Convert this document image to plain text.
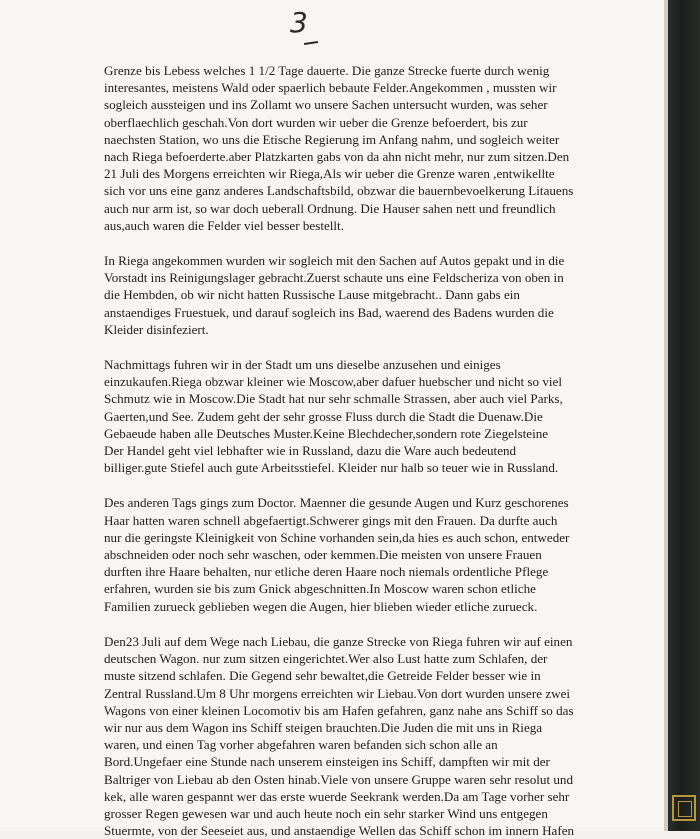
3

Grenze bis Lebess welches 1 1/2 Tage dauerte. Die ganze Strecke fuerte durch wenig
interesantes, meistens Wald oder spaerlich bebaute Felder.Angekommen , mussten wir
sogleich aussteigen und ins Zollamt wo unsere Sachen untersucht wurden, was seher
oberflaechlich geschah.Von dort wurden wir ueber die Grenze befoerdert, bis zur
naechsten Station, wo uns die Etische Regierung im Anfang nahm, und sogleich weiter
nach Riega befoerderte.aber Platzkarten gabs von da ahn nicht mehr, nur zum sitzen.Den
21 Juli des Morgens erreichten wir Riega,Als wir ueber die Grenze waren ,entwikellte
sich vor uns eine ganz anderes Landschaftsbild, obzwar die bauernbevoelkerung Litauens
auch nur arm ist, so war doch ueberall Ordnung. Die Hauser sahen nett und freundlich
aus,auch waren die Felder viel besser bestellt.

In Riega angekommen wurden wir sogleich mit den Sachen auf Autos gepakt und in die
Vorstadt ins Reinigungslager gebracht.Zuerst schaute uns eine Feldscheriza von oben in
die Hembden, ob wir nicht hatten Russische Lause mitgebracht.. Dann gabs ein
anstaendiges Fruestuek, und darauf sogleich ins Bad, waerend des Badens wurden die
Kleider disinfeziert.

Nachmittags fuhren wir in der Stadt um uns dieselbe anzusehen und einiges
einzukaufen.Riega obzwar kleiner wie Moscow,aber dafuer huebscher und nicht so viel
Schmutz wie in Moscow.Die Stadt hat nur sehr schmalle Strassen, aber auch viel Parks,
Gaerten,und See. Zudem geht der sehr grosse Fluss durch die Stadt die Duenaw.Die
Gebaeude haben alle Deutsches Muster.Keine Blechdecher,sondern rote Ziegelsteine
Der Handel geht viel lebhafter wie in Russland, dazu die Ware auch bedeutend
billiger.gute Stiefel auch gute Arbeitsstiefel. Kleider nur halb so teuer wie in Russland.

Des anderen Tags gings zum Doctor. Maenner die gesunde Augen und Kurz geschorenes
Haar hatten waren schnell abgefaertigt.Schwerer gings mit den Frauen. Da durfte auch
nur die geringste Kleinigkeit von Schine vorhanden sein,da hies es auch schon, entweder
abschneiden oder noch sehr waschen, oder kemmen.Die meisten von unsere Frauen
durften ihre Haare behalten, nur etliche deren Haare noch niemals ordentliche Pflege
erfahren, wurden sie bis zum Gnick abgeschnitten.In Moscow waren schon etliche
Familien zurueck geblieben wegen die Augen, hier blieben wieder etliche zurueck.

Den23 Juli auf dem Wege nach Liebau, die ganze Strecke von Riega fuhren wir auf einen
deutschen Wagon. nur zum sitzen eingerichtet.Wer also Lust hatte zum Schlafen, der
muste sitzend schlafen. Die Gegend sehr bewaltet,die Getreide Felder besser wie in
Zentral Russland.Um 8 Uhr morgens erreichten wir Liebau.Von dort wurden unsere zwei
Wagons von einer kleinen Locomotiv bis am Hafen gefahren, ganz nahe ans Schiff so das
wir nur aus dem Wagon ins Schiff steigen brauchten.Die Juden die mit uns in Riega
waren, und einen Tag vorher abgefahren waren befanden sich schon alle an
Bord.Ungefaer eine Stunde nach unserem einsteigen ins Schiff, dampften wir mit der
Baltriger von Liebau ab den Osten hinab.Viele von unsere Gruppe waren sehr resolut und
kek, alle waren gespannt wer das erste wuerde Seekrank werden.Da am Tage vorher sehr
grosser Regen gewesen war und auch heute noch ein sehr starker Wind uns entgegen
Stuermte, von der Seeseiet aus, und anstaendige Wellen das Schiff schon im innern Hafen
